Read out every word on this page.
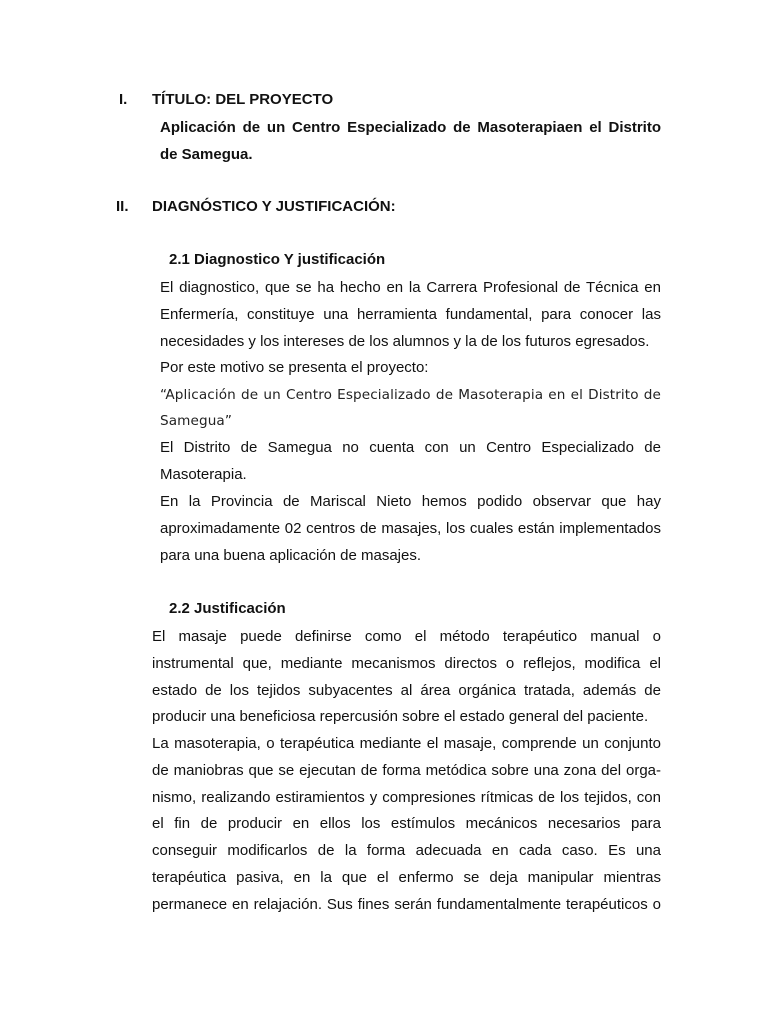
I. TÍTULO: DEL PROYECTO
Aplicación de un Centro Especializado de Masoterapiaen el Distrito
de Samegua.
II. DIAGNÓSTICO Y JUSTIFICACIÓN:
2.1 Diagnostico Y justificación
El diagnostico, que se ha hecho en la Carrera Profesional de Técnica en
Enfermería, constituye una herramienta fundamental, para conocer las
necesidades y los intereses de los alumnos y la de los futuros egresados.
Por este motivo se presenta el proyecto:
“Aplicación de un Centro Especializado de Masoterapia en el Distrito de
Samegua”
El Distrito de Samegua no cuenta con un Centro Especializado de
Masoterapia.
En la Provincia de Mariscal Nieto hemos podido observar que hay
aproximadamente 02 centros de masajes, los cuales están implementados
para una buena aplicación de masajes.
2.2 Justificación
El masaje puede definirse como el método terapéutico manual o
instrumental que, mediante mecanismos directos o reflejos, modifica el
estado de los tejidos subyacentes al área orgánica tratada, además de
producir una beneficiosa repercusión sobre el estado general del paciente.
La masoterapia, o terapéutica mediante el masaje, comprende un conjunto
de maniobras que se ejecutan de forma metódica sobre una zona del orga-
nismo, realizando estiramientos y compresiones rítmicas de los tejidos, con
el fin de producir en ellos los estímulos mecánicos necesarios para
conseguir modificarlos de la forma adecuada en cada caso. Es una
terapéutica pasiva, en la que el enfermo se deja manipular mientras
permanece en relajación. Sus fines serán fundamentalmente terapéuticos o
